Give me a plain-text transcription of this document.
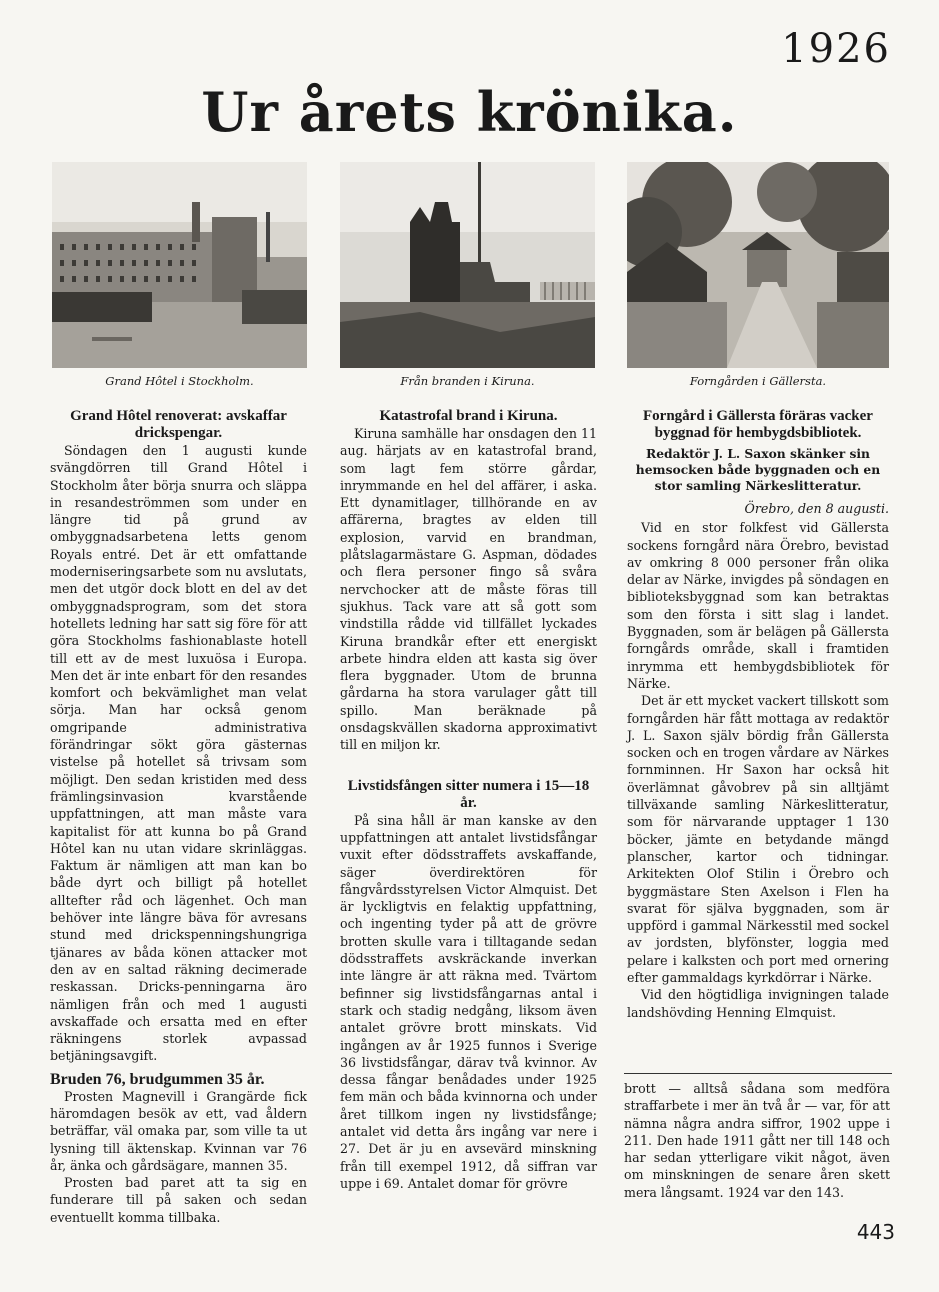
1926
Ur årets krönika.
Grand Hôtel i Stockholm.	Från branden i Kiruna.	Forngården i Gällersta.
Grand Hôtel renoverat: avskaffar drickspengar.

Söndagen den 1 augusti kunde svängdörren till Grand Hôtel i Stockholm åter börja snurra och släppa in resandeströmmen som under en längre tid på grund av ombyggnadsarbetena letts genom Royals entré. Det är ett omfattande moderniseringsarbete som nu avslutats, men det utgör dock blott en del av det ombyggnadsprogram, som det stora hotellets ledning har satt sig före för att göra Stockholms fashionablaste hotell till ett av de mest luxuösa i Europa. Men det är inte enbart för den resandes komfort och bekvämlighet man velat sörja. Man har också genom omgripande administrativa förändringar sökt göra gästernas vistelse på hotellet så trivsam som möjligt. Den sedan kristiden med dess främlingsinvasion kvarstående uppfattningen, att man måste vara kapitalist för att kunna bo på Grand Hôtel kan nu utan vidare skrinläggas. Faktum är nämligen att man kan bo både dyrt och billigt på hotellet alltefter råd och lägenhet. Och man behöver inte längre bäva för avresans stund med drickspenningshungriga tjänares av båda könen attacker mot den av en saltad räkning decimerade reskassan. Dricks-penningarna äro nämligen från och med 1 augusti avskaffade och ersatta med en efter räkningens storlek avpassad betjäningsavgift.

Bruden 76, brudgummen 35 år.

Prosten Magnevill i Grangärde fick häromdagen besök av ett, vad åldern beträffar, väl omaka par, som ville ta ut lysning till äktenskap. Kvinnan var 76 år, änka och gårdsägare, mannen 35.

Prosten bad paret att ta sig en funderare till på saken och sedan eventuellt komma tillbaka.

Katastrofal brand i Kiruna.

Kiruna samhälle har onsdagen den 11 aug. härjats av en katastrofal brand, som lagt fem större gårdar, inrymmande en hel del affärer, i aska. Ett dynamitlager, tillhörande en av affärerna, bragtes av elden till explosion, varvid en brandman, plåtslagarmästare G. Aspman, dödades och flera personer fingo så svåra nervchocker att de måste föras till sjukhus. Tack vare att så gott som vindstilla rådde vid tillfället lyckades Kiruna brandkår efter ett energiskt arbete hindra elden att kasta sig över flera byggnader. Utom de brunna gårdarna ha stora varulager gått till spillo. Man beräknade på onsdagskvällen skadorna approximativt till en miljon kr.

Livstidsfången sitter numera i 15—18 år.

På sina håll är man kanske av den uppfattningen att antalet livstidsfångar vuxit efter dödsstraffets avskaffande, säger överdirektören för fångvårdsstyrelsen Victor Almquist. Det är lyckligtvis en felaktig uppfattning, och ingenting tyder på att de grövre brotten skulle vara i tilltagande sedan dödsstraffets avskräckande inverkan inte längre är att räkna med. Tvärtom befinner sig livstidsfångarnas antal i stark och stadig nedgång, liksom även antalet grövre brott minskats. Vid ingången av år 1925 funnos i Sverige 36 livstidsfångar, därav två kvinnor. Av dessa fångar benådades under 1925 fem män och båda kvinnorna och under året tillkom ingen ny livstidsfånge; antalet vid detta års ingång var nere i 27. Det är ju en avsevärd minskning från till exempel 1912, då siffran var uppe i 69. Antalet domar för grövre

Forngård i Gällersta föräras vacker byggnad för hembygdsbibliotek.
Redaktör J. L. Saxon skänker sin hemsocken både byggnaden och en stor samling Närkeslitteratur.
Örebro, den 8 augusti.

Vid en stor folkfest vid Gällersta sockens forngård nära Örebro, bevistad av omkring 8 000 personer från olika delar av Närke, invigdes på söndagen en biblioteksbyggnad som kan betraktas som den första i sitt slag i landet. Byggnaden, som är belägen på Gällersta forngårds område, skall i framtiden inrymma ett hembygdsbibliotek för Närke.

Det är ett mycket vackert tillskott som forngården här fått mottaga av redaktör J. L. Saxon själv bördig från Gällersta socken och en trogen vårdare av Närkes fornminnen. Hr Saxon har också hit överlämnat gåvobrev på sin alltjämt tillväxande samling Närkeslitteratur, som för närvarande upptager 1 130 böcker, jämte en betydande mängd planscher, kartor och tidningar. Arkitekten Olof Stilin i Örebro och byggmästare Sten Axelson i Flen ha svarat för själva byggnaden, som är uppförd i gammal Närkesstil med sockel av jordsten, blyfönster, loggia med pelare i kalksten och port med ornering efter gammaldags kyrkdörrar i Närke.

Vid den högtidliga invigningen talade landshövding Henning Elmquist.

brott — alltså sådana som medföra straffarbete i mer än två år — var, för att nämna några andra siffror, 1902 uppe i 211. Den hade 1911 gått ner till 148 och har sedan ytterligare vikit något, även om minskningen de senare åren skett mera långsamt. 1924 var den 143.

443
